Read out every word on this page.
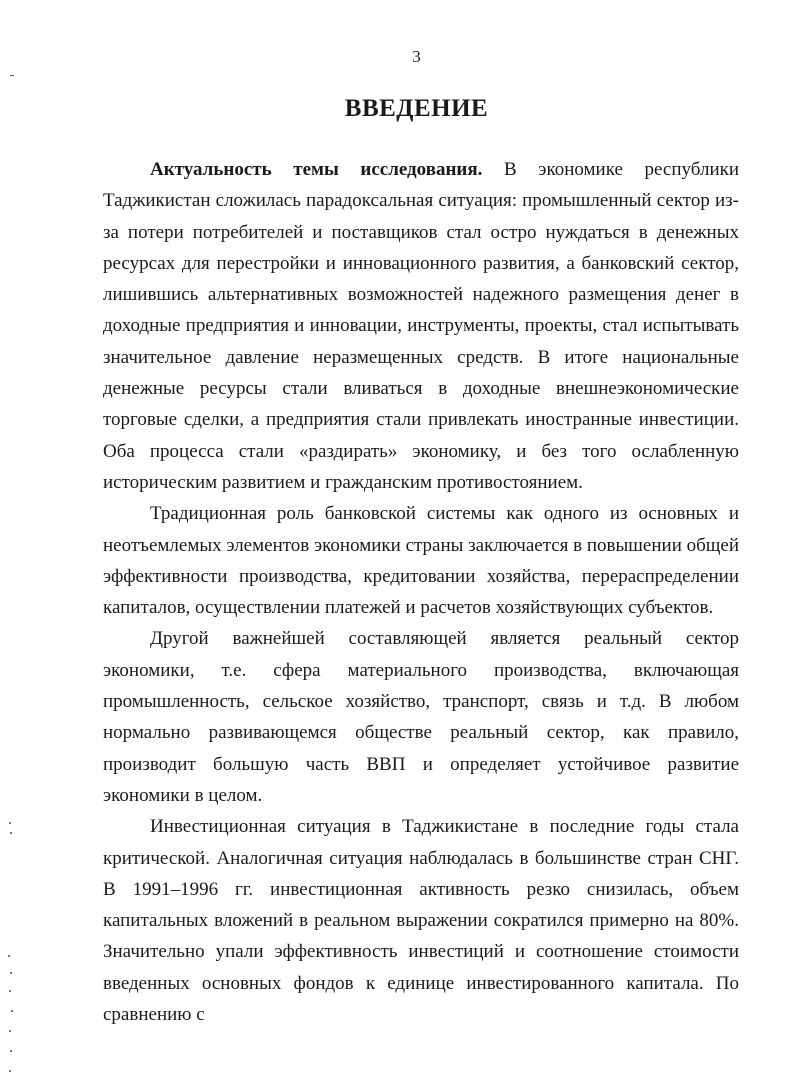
3
ВВЕДЕНИЕ

Актуальность темы исследования. В экономике республики Таджикистан сложилась парадоксальная ситуация: промышленный сектор из-за потери потребителей и поставщиков стал остро нуждаться в денежных ресурсах для перестройки и инновационного развития, а банковский сектор, лишившись альтернативных возможностей надежного размещения денег в доходные предприятия и инновации, инструменты, проекты, стал испытывать значительное давление неразмещенных средств. В итоге национальные денежные ресурсы стали вливаться в доходные внешнеэкономические торговые сделки, а предприятия стали привлекать иностранные инвестиции. Оба процесса стали «раздирать» экономику, и без того ослабленную историческим развитием и гражданским противостоянием.

Традиционная роль банковской системы как одного из основных и неотъемлемых элементов экономики страны заключается в повышении общей эффективности производства, кредитовании хозяйства, перераспределении капиталов, осуществлении платежей и расчетов хозяйствующих субъектов.

Другой важнейшей составляющей является реальный сектор экономики, т.е. сфера материального производства, включающая промышленность, сельское хозяйство, транспорт, связь и т.д. В любом нормально развивающемся обществе реальный сектор, как правило, производит большую часть ВВП и определяет устойчивое развитие экономики в целом.

Инвестиционная ситуация в Таджикистане в последние годы стала критической. Аналогичная ситуация наблюдалась в большинстве стран СНГ. В 1991–1996 гг. инвестиционная активность резко снизилась, объем капитальных вложений в реальном выражении сократился примерно на 80%. Значительно упали эффективность инвестиций и соотношение стоимости введенных основных фондов к единице инвестированного капитала. По сравнению с
